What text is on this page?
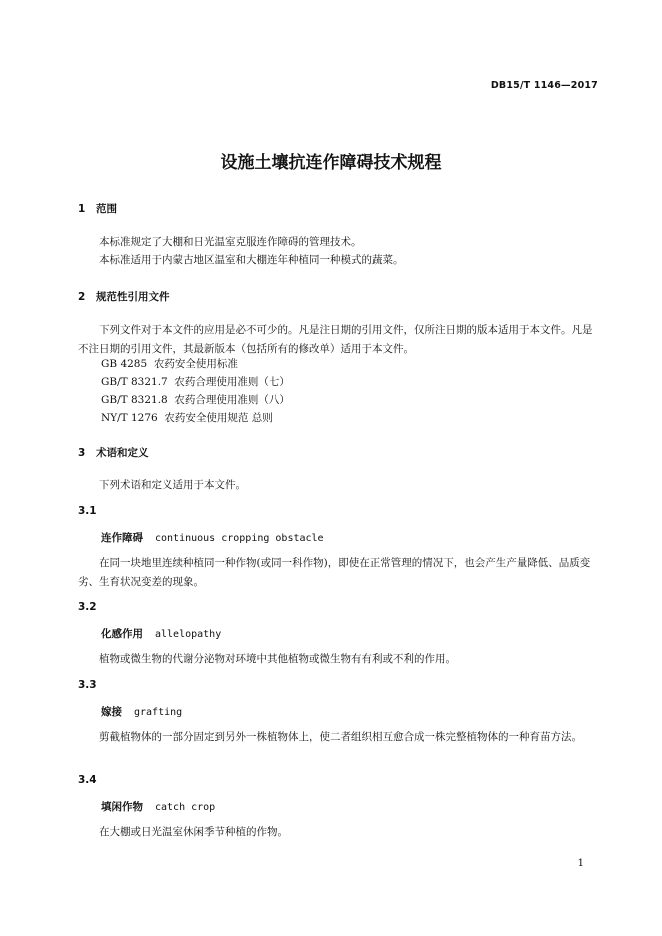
DB15/T 1146—2017
设施土壤抗连作障碍技术规程
1 范围
本标准规定了大棚和日光温室克服连作障碍的管理技术。
本标准适用于内蒙古地区温室和大棚连年种植同一种模式的蔬菜。
2 规范性引用文件
下列文件对于本文件的应用是必不可少的。凡是注日期的引用文件，仅所注日期的版本适用于本文件。凡是不注日期的引用文件，其最新版本（包括所有的修改单）适用于本文件。
GB 4285 农药安全使用标准
GB/T 8321.7 农药合理使用准则（七）
GB/T 8321.8 农药合理使用准则（八）
NY/T 1276 农药安全使用规范 总则
3 术语和定义
下列术语和定义适用于本文件。
3.1
连作障碍 continuous cropping obstacle
在同一块地里连续种植同一种作物(或同一科作物)，即使在正常管理的情况下，也会产生产量降低、品质变劣、生育状况变差的现象。
3.2
化感作用 allelopathy
植物或微生物的代谢分泌物对环境中其他植物或微生物有有利或不利的作用。
3.3
嫁接 grafting
剪截植物体的一部分固定到另外一株植物体上，使二者组织相互愈合成一株完整植物体的一种育苗方法。
3.4
填闲作物 catch crop
在大棚或日光温室休闲季节种植的作物。
1
